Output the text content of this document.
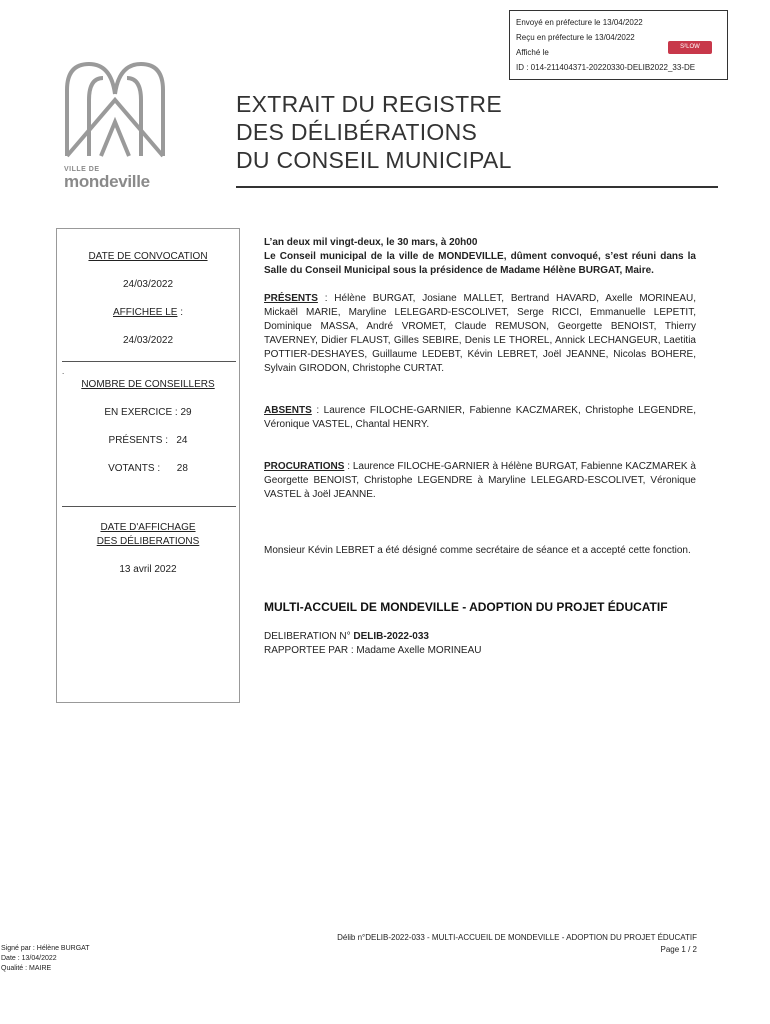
Envoyé en préfecture le 13/04/2022
Reçu en préfecture le 13/04/2022
Affiché le
ID : 014-211404371-20220330-DELIB2022_33-DE
S²LOW
VILLE DE
mondeville
EXTRAIT DU REGISTRE
DES DÉLIBÉRATIONS
DU CONSEIL MUNICIPAL
DATE DE CONVOCATION
24/03/2022
AFFICHEE LE :
24/03/2022
.
NOMBRE DE CONSEILLERS
EN EXERCICE : 29
PRÉSENTS : 24
VOTANTS : 28
DATE D'AFFICHAGE
DES DÉLIBERATIONS
13 avril 2022
L’an deux mil vingt-deux, le 30 mars, à 20h00
Le Conseil municipal de la ville de MONDEVILLE, dûment convoqué, s’est réuni dans la Salle du Conseil Municipal sous la présidence de Madame Hélène BURGAT, Maire.
PRÉSENTS : Hélène BURGAT, Josiane MALLET, Bertrand HAVARD, Axelle MORINEAU, Mickaël MARIE, Maryline LELEGARD-ESCOLIVET, Serge RICCI, Emmanuelle LEPETIT, Dominique MASSA, André VROMET, Claude REMUSON, Georgette BENOIST, Thierry TAVERNEY, Didier FLAUST, Gilles SEBIRE, Denis LE THOREL, Annick LECHANGEUR, Laetitia POTTIER-DESHAYES, Guillaume LEDEBT, Kévin LEBRET, Joël JEANNE, Nicolas BOHERE, Sylvain GIRODON, Christophe CURTAT.
ABSENTS : Laurence FILOCHE-GARNIER, Fabienne KACZMAREK, Christophe LEGENDRE, Véronique VASTEL, Chantal HENRY.
PROCURATIONS : Laurence FILOCHE-GARNIER à Hélène BURGAT, Fabienne KACZMAREK à Georgette BENOIST, Christophe LEGENDRE à Maryline LELEGARD-ESCOLIVET, Véronique VASTEL à Joël JEANNE.
Monsieur Kévin LEBRET a été désigné comme secrétaire de séance et a accepté cette fonction.
MULTI-ACCUEIL DE MONDEVILLE - ADOPTION DU PROJET ÉDUCATIF
DELIBERATION N° DELIB-2022-033
RAPPORTEE PAR : Madame Axelle MORINEAU
Délib n°DELIB-2022-033 - MULTI-ACCUEIL DE MONDEVILLE - ADOPTION DU PROJET ÉDUCATIF
Page 1 / 2
Signé par : Hélène BURGAT
Date : 13/04/2022
Qualité : MAIRE
